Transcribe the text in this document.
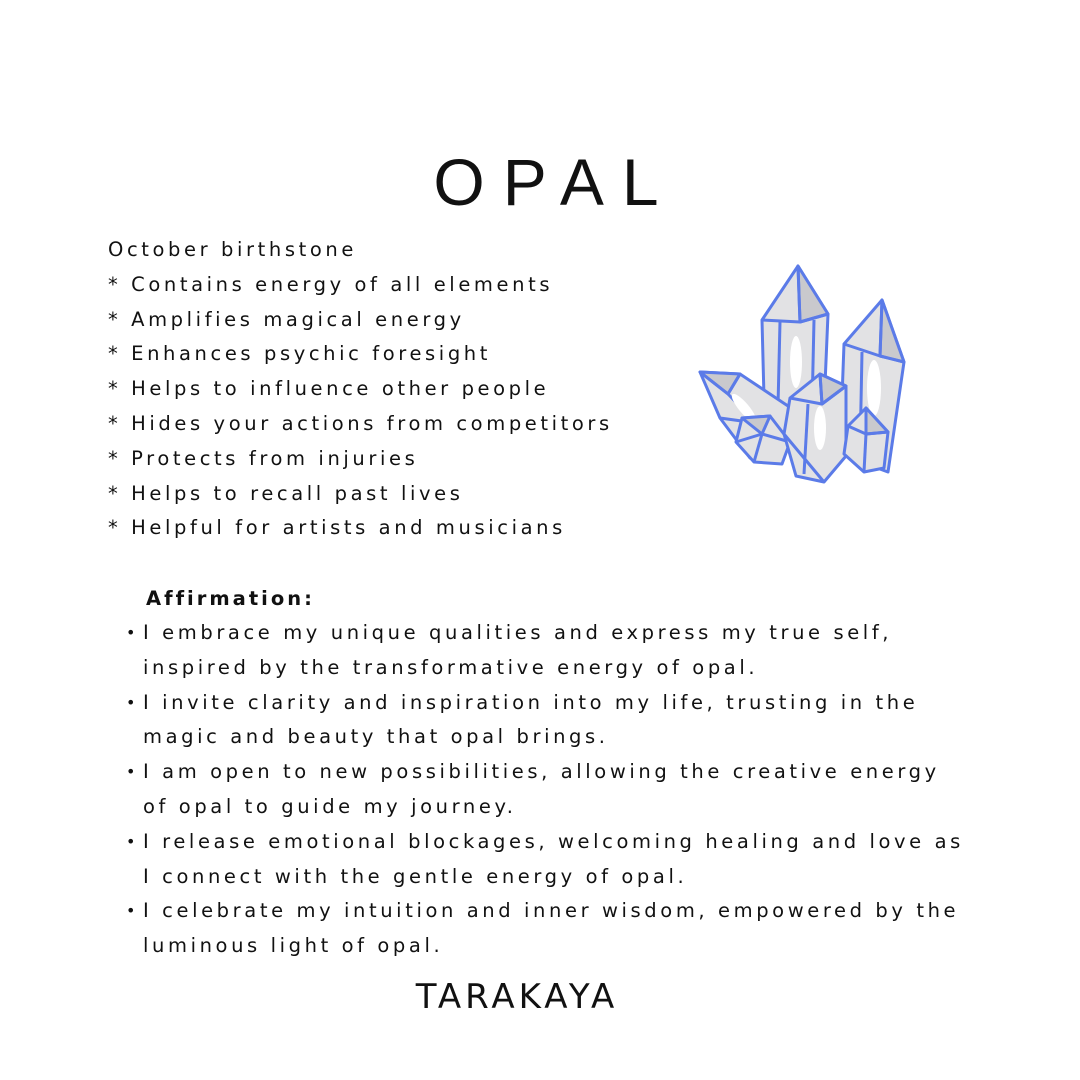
OPAL
October birthstone
* Contains energy of all elements
* Amplifies magical energy
* Enhances psychic foresight
* Helps to influence other people
* Hides your actions from competitors
* Protects from injuries
* Helps to recall past lives
* Helpful for artists and musicians

Affirmation:

• I embrace my unique qualities and express my true self,
inspired by the transformative energy of opal.
• I invite clarity and inspiration into my life, trusting in the
magic and beauty that opal brings.
• I am open to new possibilities, allowing the creative energy
of opal to guide my journey.
• I release emotional blockages, welcoming healing and love as
I connect with the gentle energy of opal.
• I celebrate my intuition and inner wisdom, empowered by the
luminous light of opal.

TARAKAYA
